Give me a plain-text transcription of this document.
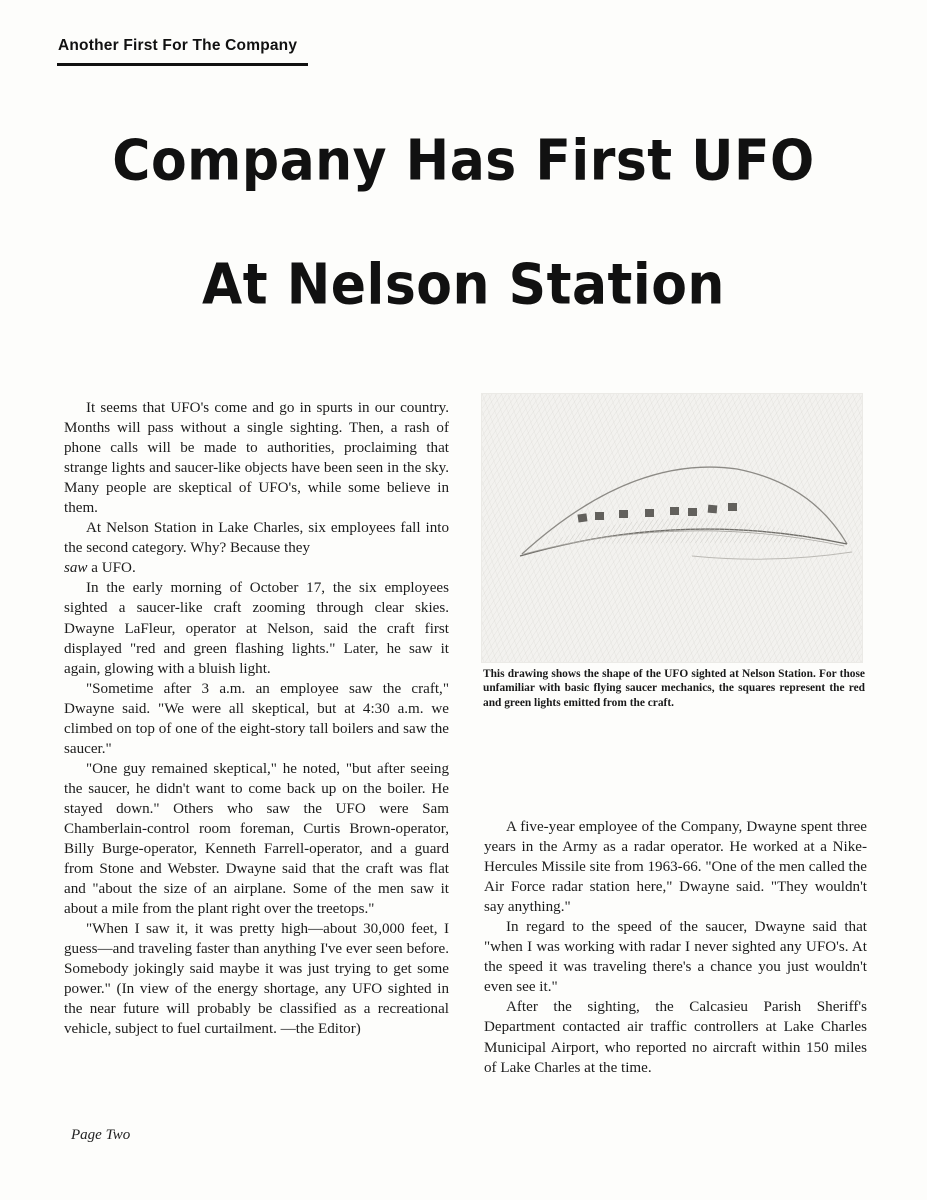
Another First For The Company
Company Has First UFO
At Nelson Station

It seems that UFO's come and go in spurts in our country. Months will pass without a single sighting. Then, a rash of phone calls will be made to authorities, proclaiming that strange lights and saucer-like objects have been seen in the sky. Many people are skeptical of UFO's, while some believe in them.

At Nelson Station in Lake Charles, six employees fall into the second category. Why? Because they
saw a UFO.

In the early morning of October 17, the six employees sighted a saucer-like craft zooming through clear skies. Dwayne LaFleur, operator at Nelson, said the craft first displayed "red and green flashing lights." Later, he saw it again, glowing with a bluish light.

"Sometime after 3 a.m. an employee saw the craft," Dwayne said. "We were all skeptical, but at 4:30 a.m. we climbed on top of one of the eight-story tall boilers and saw the saucer."

"One guy remained skeptical," he noted, "but after seeing the saucer, he didn't want to come back up on the boiler. He stayed down." Others who saw the UFO were Sam Chamberlain-control room foreman, Curtis Brown-operator, Billy Burge-operator, Kenneth Farrell-operator, and a guard from Stone and Webster. Dwayne said that the craft was flat and "about the size of an airplane. Some of the men saw it about a mile from the plant right over the treetops."

"When I saw it, it was pretty high—about 30,000 feet, I guess—and traveling faster than anything I've ever seen before. Somebody jokingly said maybe it was just trying to get some power." (In view of the energy shortage, any UFO sighted in the near future will probably be classified as a recreational vehicle, subject to fuel curtailment. —the Editor)

This drawing shows the shape of the UFO sighted at Nelson Station. For those unfamiliar with basic flying saucer mechanics, the squares represent the red and green lights emitted from the craft.

A five-year employee of the Company, Dwayne spent three years in the Army as a radar operator. He worked at a Nike-Hercules Missile site from 1963-66. "One of the men called the Air Force radar station here," Dwayne said. "They wouldn't say anything."

In regard to the speed of the saucer, Dwayne said that "when I was working with radar I never sighted any UFO's. At the speed it was traveling there's a chance you just wouldn't even see it."

After the sighting, the Calcasieu Parish Sheriff's Department contacted air traffic controllers at Lake Charles Municipal Airport, who reported no aircraft within 150 miles of Lake Charles at the time.

Page Two
